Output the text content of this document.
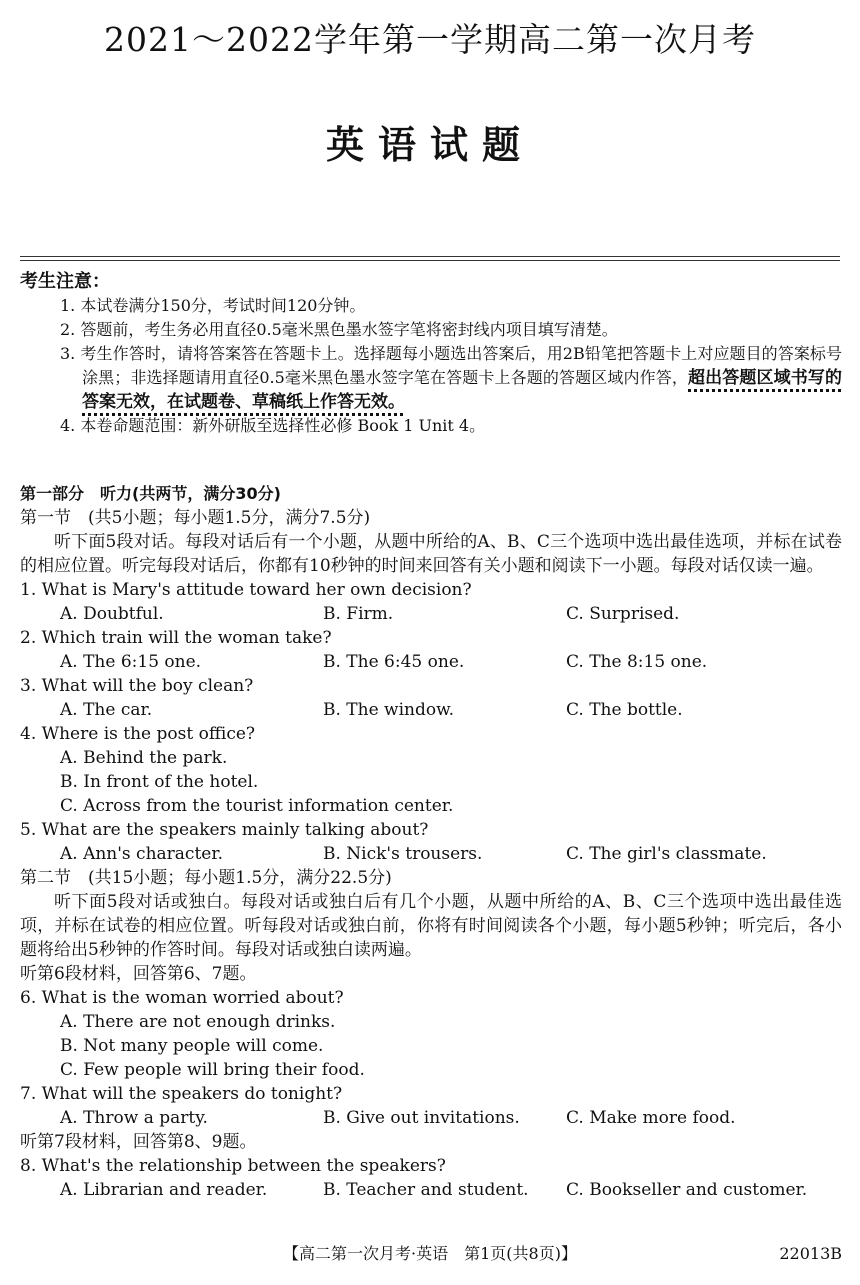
2021～2022学年第一学期高二第一次月考
英语试题
考生注意：

1. 本试卷满分150分，考试时间120分钟。

2. 答题前，考生务必用直径0.5毫米黑色墨水签字笔将密封线内项目填写清楚。

3. 考生作答时，请将答案答在答题卡上。选择题每小题选出答案后，用2B铅笔把答题卡上对应题目的答案标号涂黑；非选择题请用直径0.5毫米黑色墨水签字笔在答题卡上各题的答题区域内作答，超出答题区域书写的答案无效，在试题卷、草稿纸上作答无效。

4. 本卷命题范围：新外研版至选择性必修 Book 1 Unit 4。

第一部分　听力(共两节，满分30分)

第一节　(共5小题；每小题1.5分，满分7.5分)

听下面5段对话。每段对话后有一个小题，从题中所给的A、B、C三个选项中选出最佳选项，并标在试卷的相应位置。听完每段对话后，你都有10秒钟的时间来回答有关小题和阅读下一小题。每段对话仅读一遍。

1. What is Mary's attitude toward her own decision?

A. Doubtful.	B. Firm.	C. Surprised.

2. Which train will the woman take?

A. The 6:15 one.	B. The 6:45 one.	C. The 8:15 one.

3. What will the boy clean?

A. The car.	B. The window.	C. The bottle.

4. Where is the post office?

A. Behind the park.

B. In front of the hotel.

C. Across from the tourist information center.

5. What are the speakers mainly talking about?

A. Ann's character.	B. Nick's trousers.	C. The girl's classmate.

第二节　(共15小题；每小题1.5分，满分22.5分)

听下面5段对话或独白。每段对话或独白后有几个小题，从题中所给的A、B、C三个选项中选出最佳选项，并标在试卷的相应位置。听每段对话或独白前，你将有时间阅读各个小题，每小题5秒钟；听完后，各小题将给出5秒钟的作答时间。每段对话或独白读两遍。

听第6段材料，回答第6、7题。

6. What is the woman worried about?

A. There are not enough drinks.

B. Not many people will come.

C. Few people will bring their food.

7. What will the speakers do tonight?

A. Throw a party.	B. Give out invitations.	C. Make more food.

听第7段材料，回答第8、9题。

8. What's the relationship between the speakers?

A. Librarian and reader.	B. Teacher and student.	C. Bookseller and customer.
【高二第一次月考·英语　第1页(共8页)】	22013B
